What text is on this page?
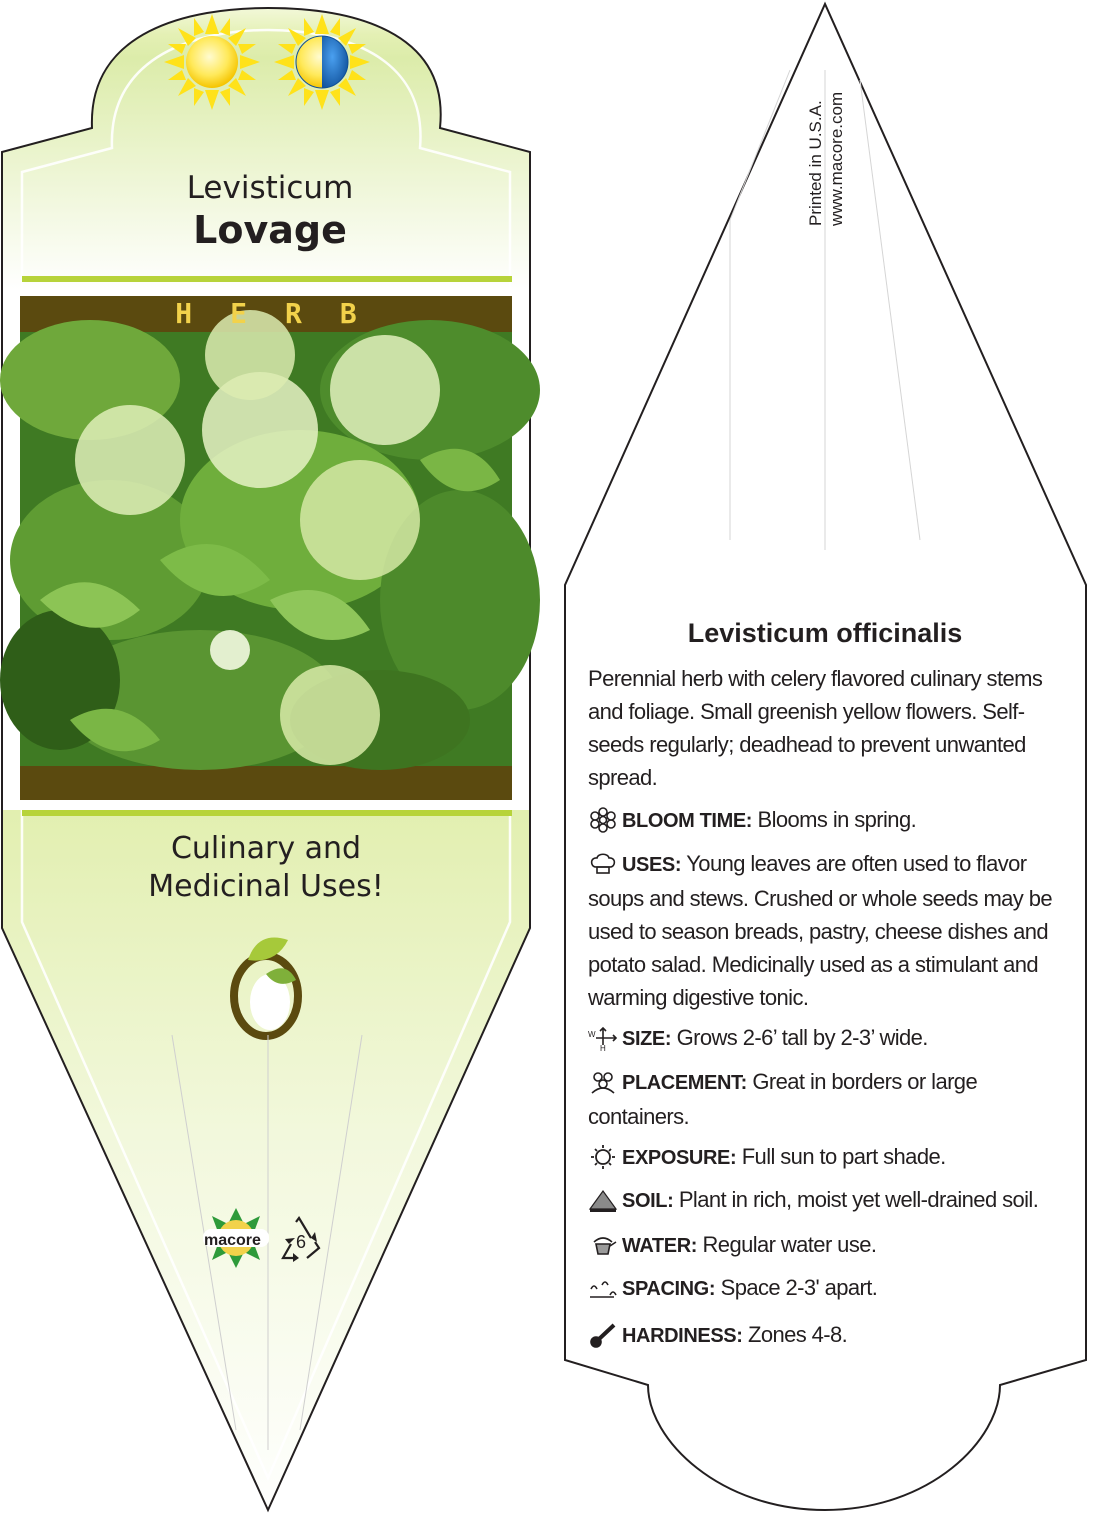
Levisticum
Lovage
HERB
Culinary and
Medicinal Uses!
macore 6
Printed in U.S.A. www.macore.com
Levisticum officinalis
Perennial herb with celery flavored culinary stems and foliage. Small greenish yellow flowers. Self-seeds regularly; deadhead to prevent unwanted spread.
BLOOM TIME: Blooms in spring.
USES: Young leaves are often used to flavor soups and stews. Crushed or whole seeds may be used to season breads, pastry, cheese dishes and potato salad. Medicinally used as a stimulant and warming digestive tonic.
W
H SIZE: Grows 2-6’ tall by 2-3’ wide.
PLACEMENT: Great in borders or large containers.
EXPOSURE: Full sun to part shade.
SOIL: Plant in rich, moist yet well-drained soil.
WATER: Regular water use.
SPACING: Space 2-3' apart.
HARDINESS: Zones 4-8.
